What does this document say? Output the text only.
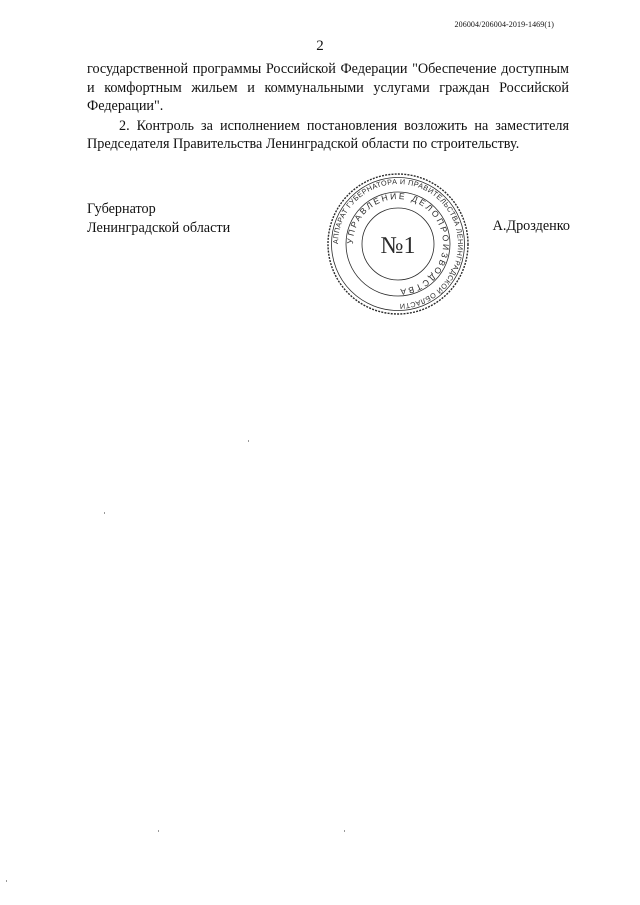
206004/206004-2019-1469(1)
2

государственной программы Российской Федерации "Обеспечение доступным и комфортным жильем и коммунальными услугами граждан Российской Федерации".

2. Контроль за исполнением постановления возложить на заместителя Председателя Правительства Ленинградской области по строительству.

Губернатор
Ленинградской области	А.Дрозденко
АППАРАТ ГУБЕРНАТОРА И ПРАВИТЕЛЬСТВА ЛЕНИНГРАДСКОЙ ОБЛАСТИ
УПРАВЛЕНИЕ ДЕЛОПРОИЗВОДСТВА
№1
